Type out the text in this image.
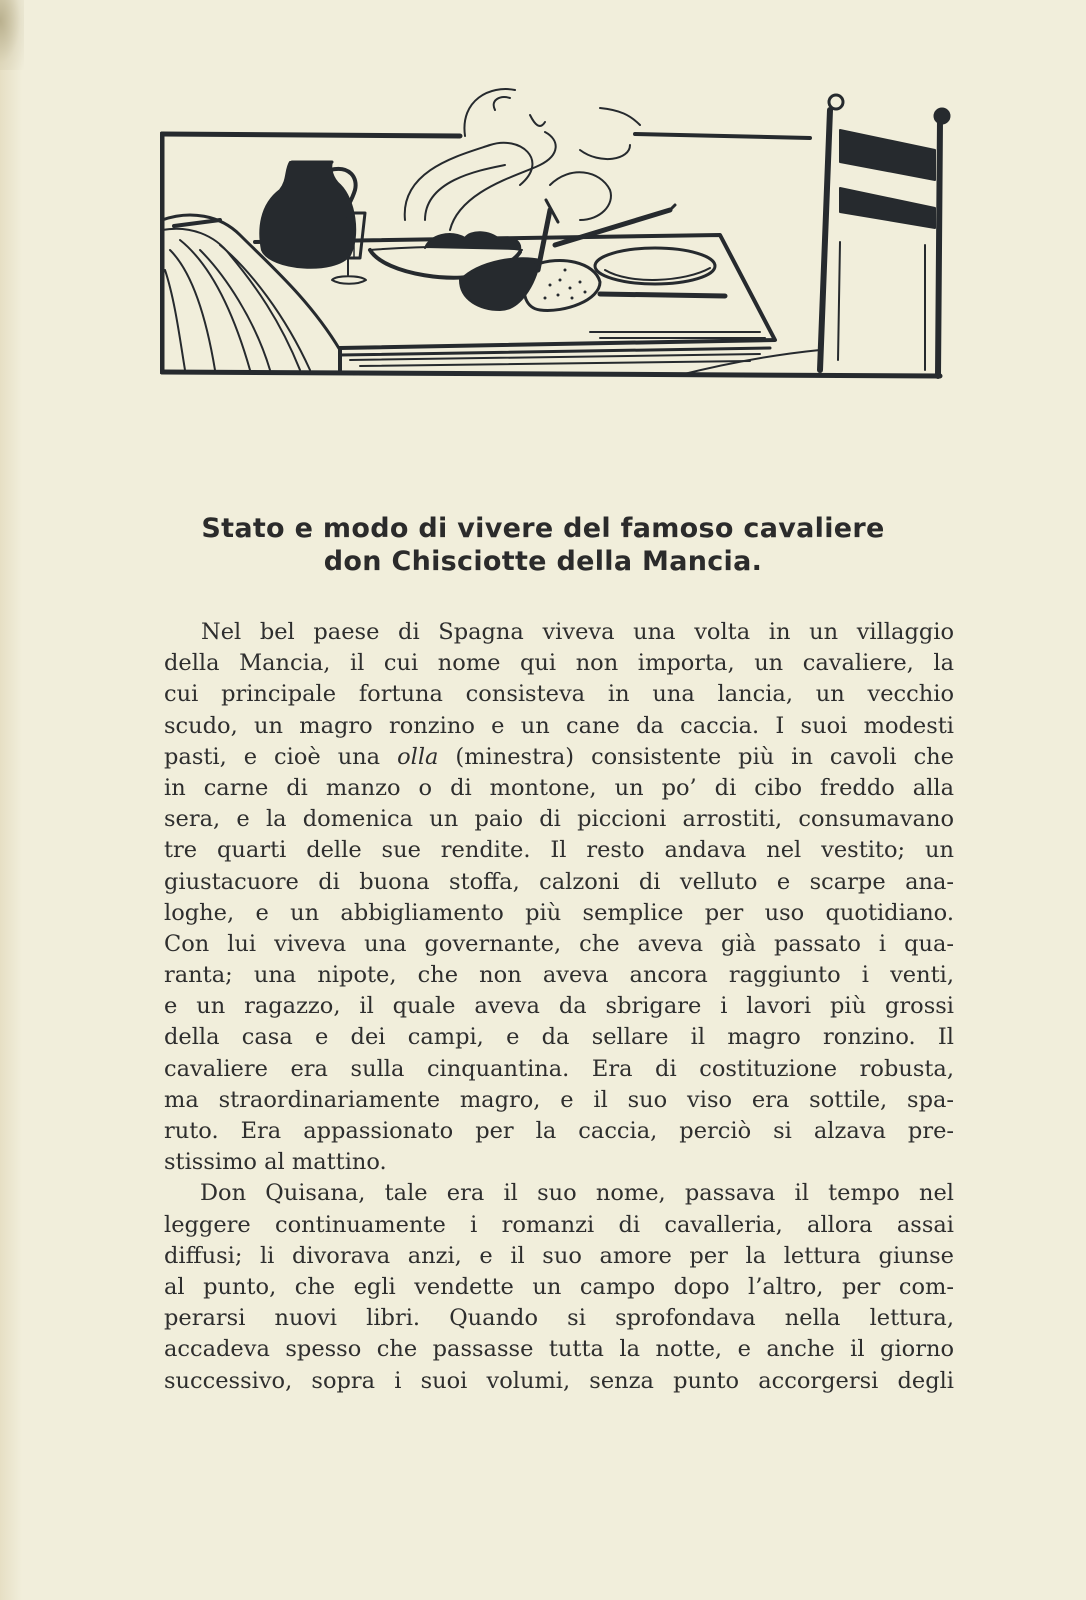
Stato e modo di vivere del famoso cavaliere
don Chisciotte della Mancia.
Nel bel paese di Spagna viveva una volta in un villaggio
della Mancia, il cui nome qui non importa, un cavaliere, la
cui principale fortuna consisteva in una lancia, un vecchio
scudo, un magro ronzino e un cane da caccia. I suoi modesti
pasti, e cioè una olla (minestra) consistente più in cavoli che
in carne di manzo o di montone, un po’ di cibo freddo alla
sera, e la domenica un paio di piccioni arrostiti, consumavano
tre quarti delle sue rendite. Il resto andava nel vestito; un
giustacuore di buona stoffa, calzoni di velluto e scarpe ana-
loghe, e un abbigliamento più semplice per uso quotidiano.
Con lui viveva una governante, che aveva già passato i qua-
ranta; una nipote, che non aveva ancora raggiunto i venti,
e un ragazzo, il quale aveva da sbrigare i lavori più grossi
della casa e dei campi, e da sellare il magro ronzino. Il
cavaliere era sulla cinquantina. Era di costituzione robusta,
ma straordinariamente magro, e il suo viso era sottile, spa-
ruto. Era appassionato per la caccia, perciò si alzava pre-
stissimo al mattino.
Don Quisana, tale era il suo nome, passava il tempo nel
leggere continuamente i romanzi di cavalleria, allora assai
diffusi; li divorava anzi, e il suo amore per la lettura giunse
al punto, che egli vendette un campo dopo l’altro, per com-
perarsi nuovi libri. Quando si sprofondava nella lettura,
accadeva spesso che passasse tutta la notte, e anche il giorno
successivo, sopra i suoi volumi, senza punto accorgersi degli
